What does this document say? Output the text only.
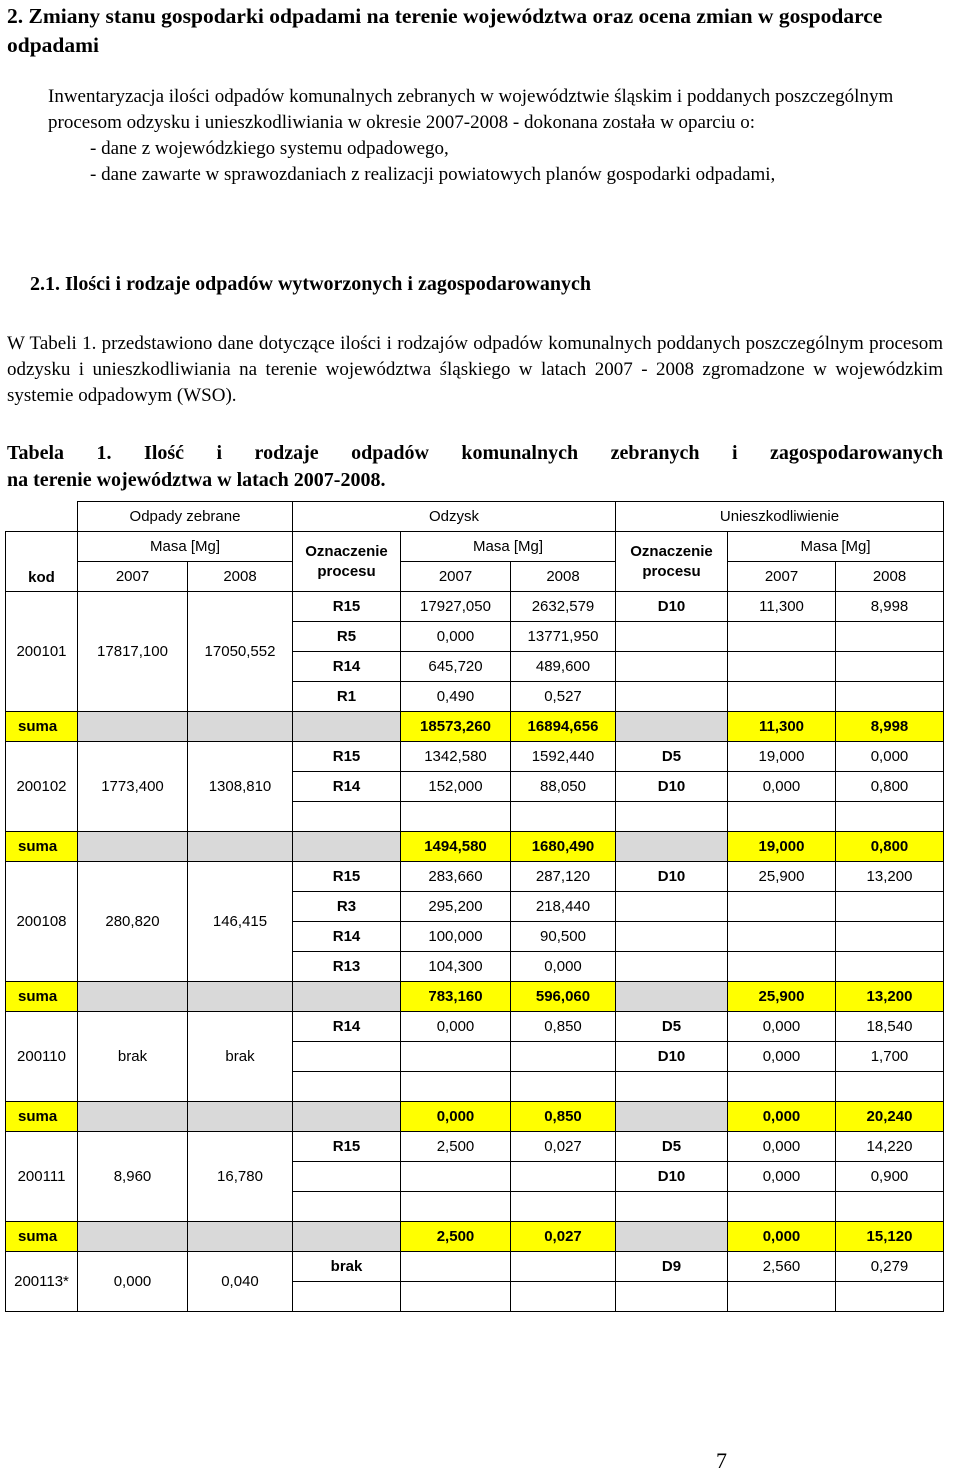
2. Zmiany stanu gospodarki odpadami na terenie województwa oraz ocena zmian w gospodarce odpadami

Inwentaryzacja ilości odpadów komunalnych zebranych w województwie śląskim i poddanych poszczególnym procesom odzysku i unieszkodliwiania w okresie 2007-2008 - dokonana została w oparciu o:

- dane z wojewódzkiego systemu odpadowego,

- dane zawarte w sprawozdaniach z realizacji powiatowych planów gospodarki odpadami,

2.1. Ilości i rodzaje odpadów wytworzonych i zagospodarowanych
W Tabeli 1. przedstawiono dane dotyczące ilości i rodzajów odpadów komunalnych poddanych poszczególnym procesom odzysku i unieszkodliwiania na terenie województwa śląskiego w latach 2007 - 2008 zgromadzone w wojewódzkim systemie odpadowym (WSO).
Tabela 1. Ilość i rodzaje odpadów komunalnych zebranych i zagospodarowanych
na terenie województwa w latach 2007-2008.
	Odpady zebrane		Odzysk			Unieszkodliwienie		
kod	Masa [Mg]		Oznaczenie
procesu	Masa [Mg]		Oznaczenie
procesu	Masa [Mg]	
	2007	2008		2007	2008		2007	2008
200101	17817,100	17050,552	R15	17927,050	2632,579	D10	11,300	8,998
			R5	0,000	13771,950			
			R14	645,720	489,600			
			R1	0,490	0,527			
suma				18573,260	16894,656		11,300	8,998
200102	1773,400	1308,810	R15	1342,580	1592,440	D5	19,000	0,000
			R14	152,000	88,050	D10	0,000	0,800

suma				1494,580	1680,490		19,000	0,800
200108	280,820	146,415	R15	283,660	287,120	D10	25,900	13,200
			R3	295,200	218,440			
			R14	100,000	90,500			
			R13	104,300	0,000			
suma				783,160	596,060		25,900	13,200
200110	brak	brak	R14	0,000	0,850	D5	0,000	18,540
						D10	0,000	1,700

suma				0,000	0,850		0,000	20,240
200111	8,960	16,780	R15	2,500	0,027	D5	0,000	14,220
						D10	0,000	0,900

suma				2,500	0,027		0,000	15,120
200113*	0,000	0,040	brak			D9	2,560	0,279

7
